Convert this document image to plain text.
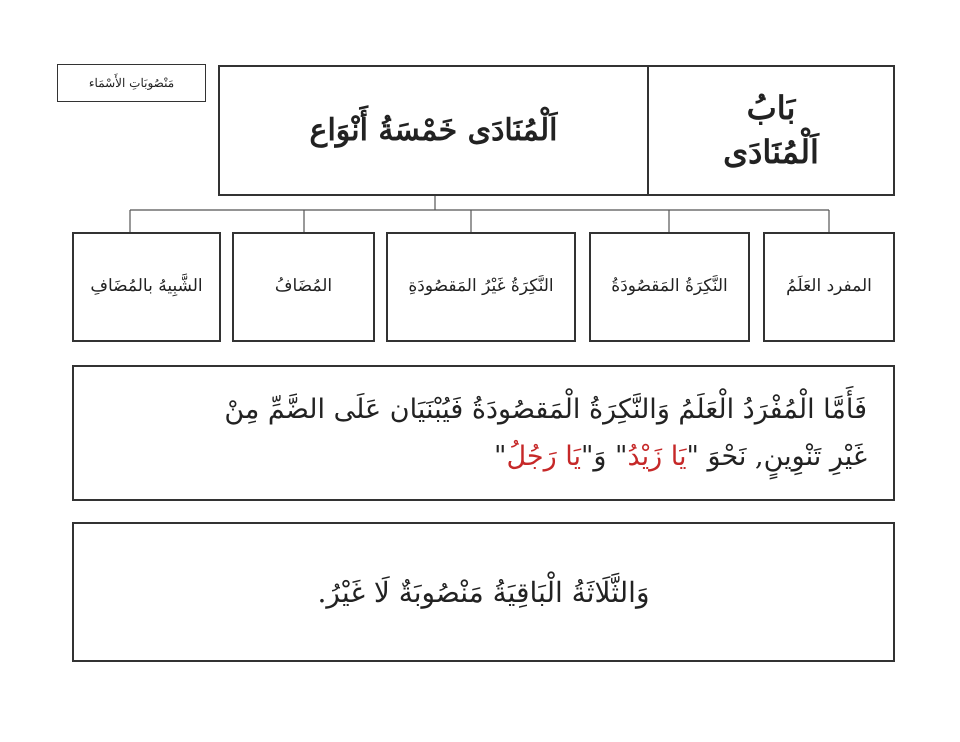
مَنْصُوبَاتِ الأَسْمَاء
اَلْمُنَادَى خَمْسَةُ أَنْوَاع
بَابُ
اَلْمُنَادَى
المفرد العَلَمُ
النَّكِرَةُ المَقصُودَةُ
النَّكِرَةُ غَيْرُ المَقصُودَةِ
المُضَافُ
الشَّبِيهُ بالمُضَافِ
فَأَمَّا الْمُفْرَدُ الْعَلَمُ وَالنَّكِرَةُ الْمَقصُودَةُ فَيُبْنَيَان عَلَى الضَّمِّ مِنْ
غَيْرِ تَنْوِينٍ, نَحْوَ "يَا زَيْدُ" وَ"يَا رَجُلُ"
وَالثَّلَاثَةُ الْبَاقِيَةُ مَنْصُوبَةٌ لَا غَيْرُ.
